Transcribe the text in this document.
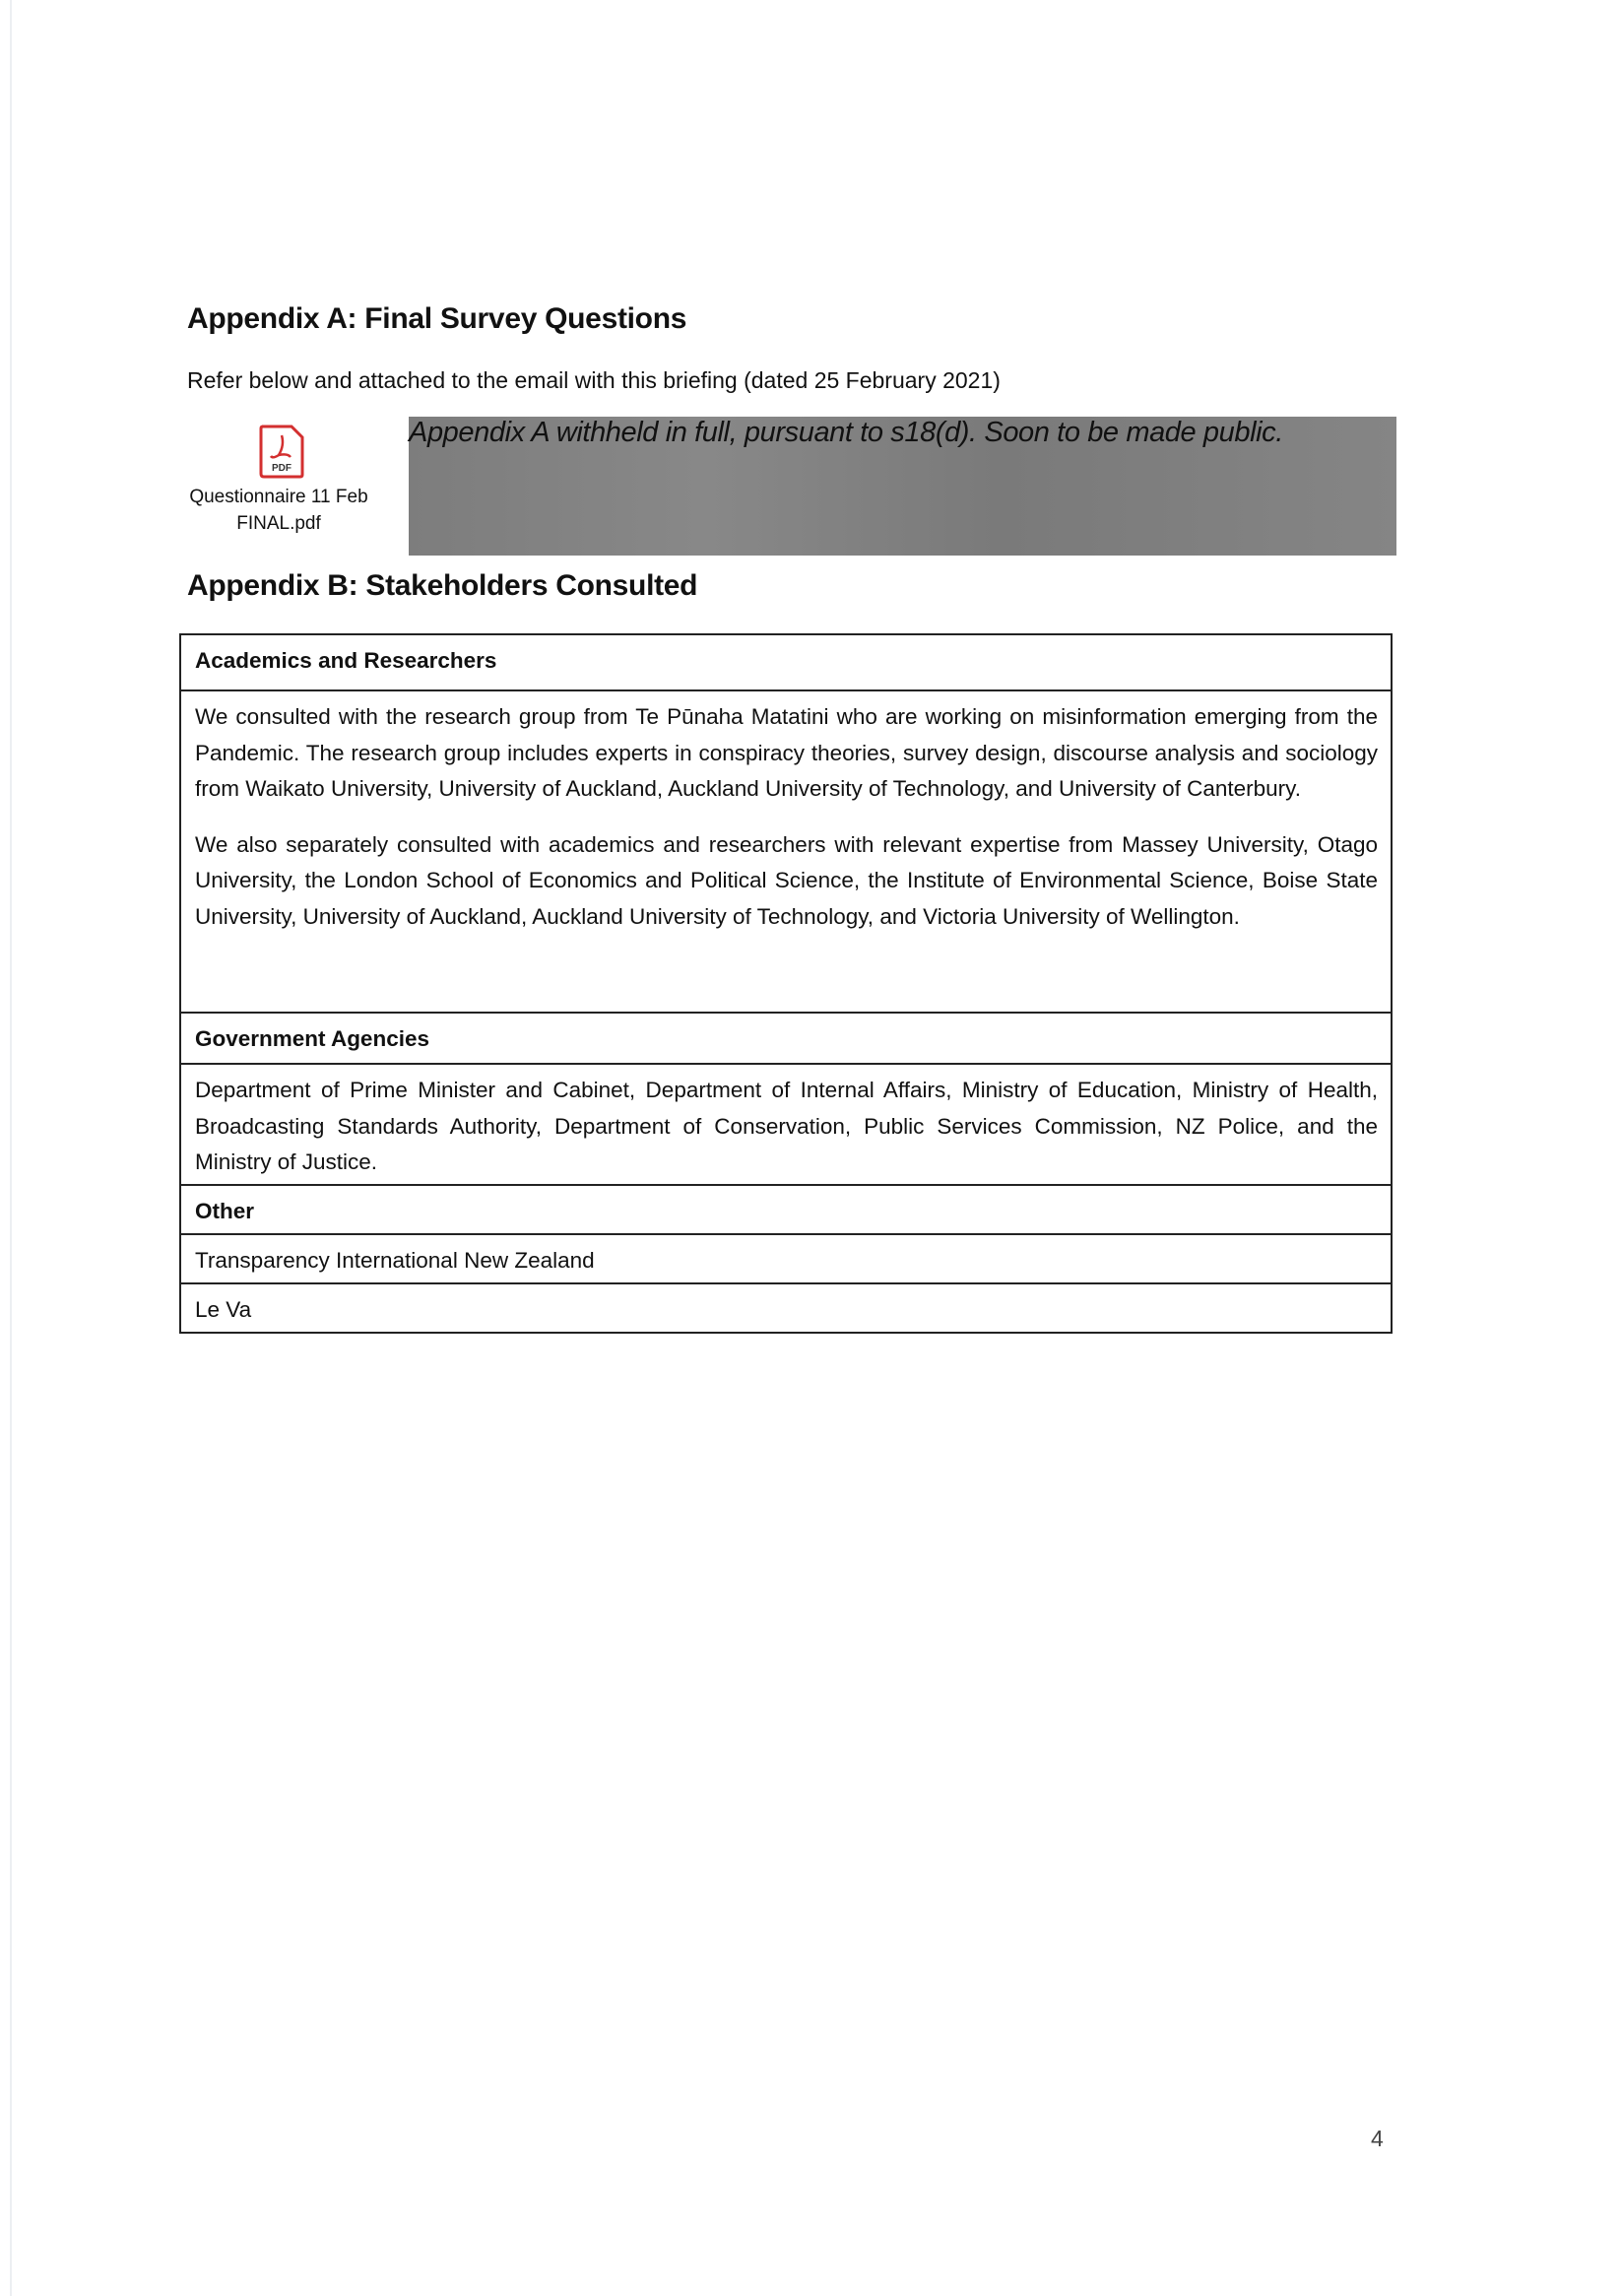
Appendix A: Final Survey Questions
Refer below and attached to the email with this briefing (dated 25 February 2021)
PDF
Questionnaire 11 Feb
FINAL.pdf
Appendix A withheld in full, pursuant to s18(d). Soon to be made public.
Appendix B: Stakeholders Consulted
Academics and Researchers

We consulted with the research group from Te Pūnaha Matatini who are working on misinformation emerging from the Pandemic. The research group includes experts in conspiracy theories, survey design, discourse analysis and sociology from Waikato University, University of Auckland, Auckland University of Technology, and University of Canterbury.

We also separately consulted with academics and researchers with relevant expertise from Massey University, Otago University, the London School of Economics and Political Science, the Institute of Environmental Science, Boise State University, University of Auckland, Auckland University of Technology, and Victoria University of Wellington.

Government Agencies
Department of Prime Minister and Cabinet, Department of Internal Affairs, Ministry of Education, Ministry of Health, Broadcasting Standards Authority, Department of Conservation, Public Services Commission, NZ Police, and the Ministry of Justice.
Other
Transparency International New Zealand
Le Va
4
